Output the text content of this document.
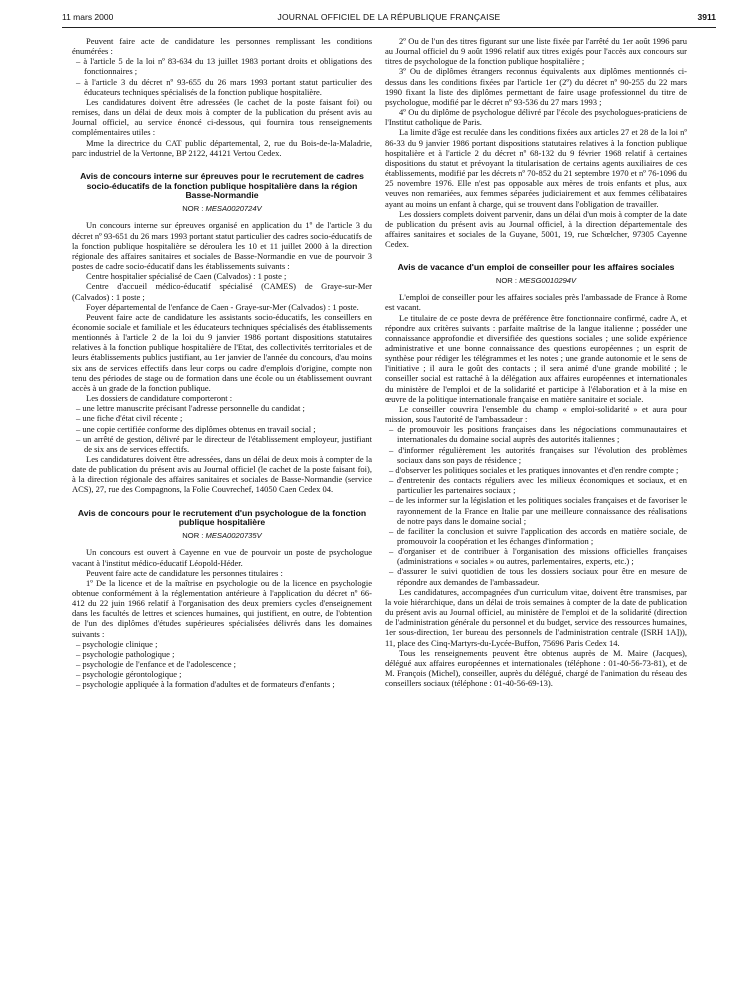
11 mars 2000	JOURNAL OFFICIEL DE LA RÉPUBLIQUE FRANÇAISE	3911

Peuvent faire acte de candidature les personnes remplissant les conditions énumérées :

– à l'article 5 de la loi nº 83-634 du 13 juillet 1983 portant droits et obligations des fonctionnaires ;
– à l'article 3 du décret nº 93-655 du 26 mars 1993 portant statut particulier des éducateurs techniques spécialisés de la fonction publique hospitalière.

Les candidatures doivent être adressées (le cachet de la poste faisant foi) ou remises, dans un délai de deux mois à compter de la publication du présent avis au Journal officiel, au service énoncé ci-dessous, qui fournira tous renseignements complémentaires utiles :

Mme la directrice du CAT public départemental, 2, rue du Bois-de-la-Maladrie, parc industriel de la Vertonne, BP 2122, 44121 Vertou Cedex.

Avis de concours interne sur épreuves pour le recrutement de cadres socio-éducatifs de la fonction publique hospitalière dans la région Basse-Normandie
NOR : MESA0020724V

Un concours interne sur épreuves organisé en application du 1º de l'article 3 du décret nº 93-651 du 26 mars 1993 portant statut particulier des cadres socio-éducatifs de la fonction publique hospitalière se déroulera les 10 et 11 juillet 2000 à la direction régionale des affaires sanitaires et sociales de Basse-Normandie en vue de pourvoir 3 postes de cadre socio-éducatif dans les établissements suivants :

Centre hospitalier spécialisé de Caen (Calvados) : 1 poste ;

Centre d'accueil médico-éducatif spécialisé (CAMES) de Graye-sur-Mer (Calvados) : 1 poste ;

Foyer départemental de l'enfance de Caen - Graye-sur-Mer (Calvados) : 1 poste.

Peuvent faire acte de candidature les assistants socio-éducatifs, les conseillers en économie sociale et familiale et les éducateurs techniques spécialisés des établissements mentionnés à l'article 2 de la loi du 9 janvier 1986 portant dispositions statutaires relatives à la fonction publique hospitalière de l'Etat, des collectivités territoriales et de leurs établissements publics justifiant, au 1er janvier de l'année du concours, d'au moins six ans de services effectifs dans leur corps ou cadre d'emplois d'origine, compte non tenu des périodes de stage ou de formation dans une école ou un établissement ouvrant accès à un grade de la fonction publique.

Les dossiers de candidature comporteront :

– une lettre manuscrite précisant l'adresse personnelle du candidat ;
– une fiche d'état civil récente ;
– une copie certifiée conforme des diplômes obtenus en travail social ;
– un arrêté de gestion, délivré par le directeur de l'établissement employeur, justifiant de six ans de services effectifs.

Les candidatures doivent être adressées, dans un délai de deux mois à compter de la date de publication du présent avis au Journal officiel (le cachet de la poste faisant foi), à la direction régionale des affaires sanitaires et sociales de Basse-Normandie (service ACS), 27, rue des Compagnons, la Folie Couvrechef, 14050 Caen Cedex 04.

Avis de concours pour le recrutement d'un psychologue de la fonction publique hospitalière
NOR : MESA0020735V

Un concours est ouvert à Cayenne en vue de pourvoir un poste de psychologue vacant à l'institut médico-éducatif Léopold-Héder.

Peuvent faire acte de candidature les personnes titulaires :

1º De la licence et de la maîtrise en psychologie ou de la licence en psychologie obtenue conformément à la réglementation antérieure à l'application du décret nº 66-412 du 22 juin 1966 relatif à l'organisation des deux premiers cycles d'enseignement dans les facultés de lettres et sciences humaines, qui justifient, en outre, de l'obtention de l'un des diplômes d'études supérieures spécialisées délivrés dans les domaines suivants :

– psychologie clinique ;
– psychologie pathologique ;
– psychologie de l'enfance et de l'adolescence ;
– psychologie gérontologique ;
– psychologie appliquée à la formation d'adultes et de formateurs d'enfants ;

2º Ou de l'un des titres figurant sur une liste fixée par l'arrêté du 1er août 1996 paru au Journal officiel du 9 août 1996 relatif aux titres exigés pour l'accès aux concours sur titres de psychologue de la fonction publique hospitalière ;

3º Ou de diplômes étrangers reconnus équivalents aux diplômes mentionnés ci-dessus dans les conditions fixées par l'article 1er (2º) du décret nº 90-255 du 22 mars 1990 fixant la liste des diplômes permettant de faire usage professionnel du titre de psychologue, modifié par le décret nº 93-536 du 27 mars 1993 ;

4º Ou du diplôme de psychologue délivré par l'école des psychologues-praticiens de l'Institut catholique de Paris.

La limite d'âge est reculée dans les conditions fixées aux articles 27 et 28 de la loi nº 86-33 du 9 janvier 1986 portant dispositions statutaires relatives à la fonction publique hospitalière et à l'article 2 du décret nº 68-132 du 9 février 1968 relatif à certaines dispositions du statut et prévoyant la titularisation de certains agents auxiliaires de ces établissements, modifié par les décrets nº 70-852 du 21 septembre 1970 et nº 76-1096 du 25 novembre 1976. Elle n'est pas opposable aux mères de trois enfants et plus, aux veuves non remariées, aux femmes séparées judiciairement et aux femmes célibataires ayant au moins un enfant à charge, qui se trouvent dans l'obligation de travailler.

Les dossiers complets doivent parvenir, dans un délai d'un mois à compter de la date de publication du présent avis au Journal officiel, à la direction départementale des affaires sanitaires et sociales de la Guyane, 5001, 19, rue Schœlcher, 97305 Cayenne Cedex.

Avis de vacance d'un emploi de conseiller pour les affaires sociales
NOR : MESG0010294V

L'emploi de conseiller pour les affaires sociales près l'ambassade de France à Rome est vacant.

Le titulaire de ce poste devra de préférence être fonctionnaire confirmé, cadre A, et répondre aux critères suivants : parfaite maîtrise de la langue italienne ; posséder une connaissance approfondie et diversifiée des questions sociales ; une solide expérience administrative et une bonne connaissance des questions européennes ; un esprit de synthèse pour rédiger les télégrammes et les notes ; une grande autonomie et le sens de l'initiative ; il aura le goût des contacts ; il sera animé d'une grande mobilité ; le conseiller social est rattaché à la délégation aux affaires européennes et internationales du ministère de l'emploi et de la solidarité et participe à l'élaboration et à la mise en œuvre de la politique internationale française en matière sanitaire et sociale.

Le conseiller couvrira l'ensemble du champ « emploi-solidarité » et aura pour mission, sous l'autorité de l'ambassadeur :

– de promouvoir les positions françaises dans les négociations communautaires et internationales du domaine social auprès des autorités italiennes ;
– d'informer régulièrement les autorités françaises sur l'évolution des problèmes sociaux dans son pays de résidence ;
– d'observer les politiques sociales et les pratiques innovantes et d'en rendre compte ;
– d'entretenir des contacts réguliers avec les milieux économiques et sociaux, et en particulier les partenaires sociaux ;
– de les informer sur la législation et les politiques sociales françaises et de favoriser le rayonnement de la France en Italie par une meilleure connaissance des réalisations de notre pays dans le domaine social ;
– de faciliter la conclusion et suivre l'application des accords en matière sociale, de promouvoir la coopération et les échanges d'information ;
– d'organiser et de contribuer à l'organisation des missions officielles françaises (administrations « sociales » ou autres, parlementaires, experts, etc.) ;
– d'assurer le suivi quotidien de tous les dossiers sociaux pour être en mesure de répondre aux demandes de l'ambassadeur.

Les candidatures, accompagnées d'un curriculum vitae, doivent être transmises, par la voie hiérarchique, dans un délai de trois semaines à compter de la date de publication du présent avis au Journal officiel, au ministère de l'emploi et de la solidarité (direction de l'administration générale du personnel et du budget, service des ressources humaines, 1er sous-direction, 1er bureau des personnels de l'administration centrale ([SRH 1A])), 11, place des Cinq-Martyrs-du-Lycée-Buffon, 75696 Paris Cedex 14.

Tous les renseignements peuvent être obtenus auprès de M. Maire (Jacques), délégué aux affaires européennes et internationales (téléphone : 01-40-56-73-81), et de M. François (Michel), conseiller, auprès du délégué, chargé de l'animation du réseau des conseillers sociaux (téléphone : 01-40-56-69-13).
